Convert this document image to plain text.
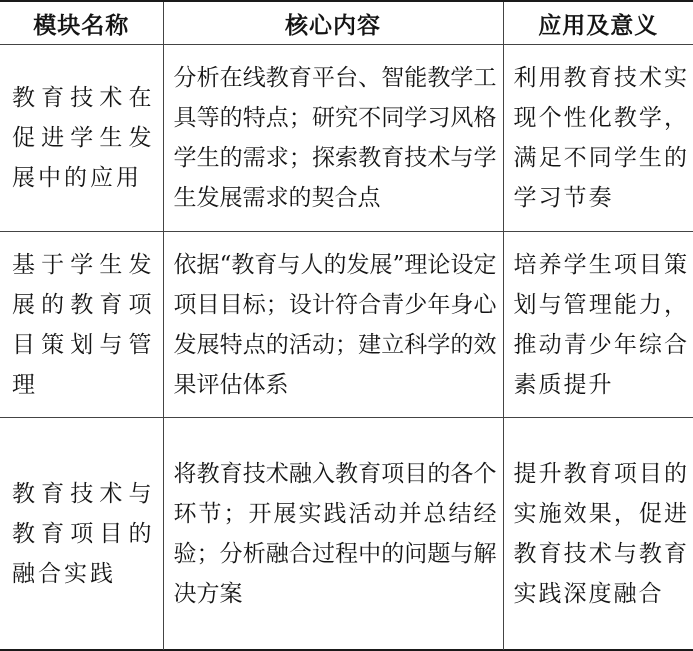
模块名称	核心内容	应用及意义

教育技术在促进学生发展中的应用	分析在线教育平台、智能教学工具等的特点；研究不同学习风格学生的需求；探索教育技术与学生发展需求的契合点	利用教育技术实现个性化教学，满足不同学生的学习节奏

基于学生发展的教育项目策划与管理	依据“教育与人的发展”理论设定项目目标；设计符合青少年身心发展特点的活动；建立科学的效果评估体系	培养学生项目策划与管理能力，推动青少年综合素质提升

教育技术与教育项目的融合实践	将教育技术融入教育项目的各个环节；开展实践活动并总结经验；分析融合过程中的问题与解决方案	提升教育项目的实施效果，促进教育技术与教育实践深度融合
